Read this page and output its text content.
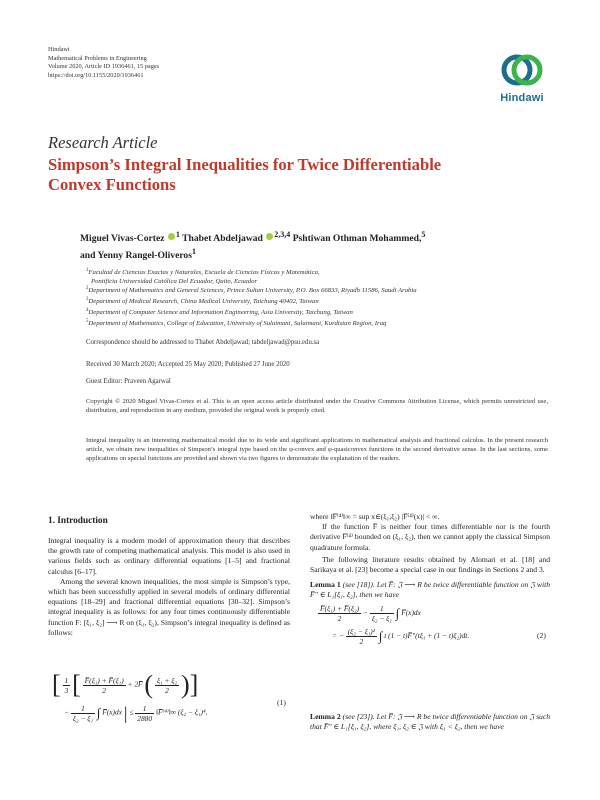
Hindawi
Mathematical Problems in Engineering
Volume 2020, Article ID 1936461, 15 pages
https://doi.org/10.1155/2020/1936461
Hindawi
Research Article
Simpson’s Integral Inequalities for Twice Differentiable
Convex Functions
Miguel Vivas-Cortez $^1$ Thabet Abdeljawad $^{2,3,4}$ Pshtiwan Othman Mohammed,$^5$
and Yenny Rangel-Oliveros$^1$
$^1$Facultad de Ciencias Exactas y Naturales, Escuela de Ciencias Físicas y Matemática,
Pontificia Universidad Católica Del Ecuador, Quito, Ecuador
$^2$Department of Mathematics and General Sciences, Prince Sultan University, P.O. Box 66833, Riyadh 11586, Saudi Arabia
$^3$Department of Medical Research, China Medical University, Taichung 40402, Taiwan
$^4$Department of Computer Science and Information Engineering, Asia University, Taichung, Taiwan
$^5$Department of Mathematics, College of Education, University of Sulaimani, Sulaimani, Kurdistan Region, Iraq
Correspondence should be addressed to Thabet Abdeljawad; tabdeljawad@psu.edu.sa
Received 30 March 2020; Accepted 25 May 2020; Published 27 June 2020
Guest Editor: Praveen Agarwal
Copyright © 2020 Miguel Vivas-Cortez et al. This is an open access article distributed under the Creative Commons Attribution License, which permits unrestricted use, distribution, and reproduction in any medium, provided the original work is properly cited.
Integral inequality is an interesting mathematical model due to its wide and significant applications in mathematical analysis and fractional calculus. In the present research article, we obtain new inequalities of Simpson’s integral type based on the φ-convex and φ-quasiconvex functions in the second derivative sense. In the last sections, some applications on special functions are provided and shown via two figures to demonstrate the explanation of the readers.
1. Introduction

Integral inequality is a modern model of approximation theory that describes the growth rate of competing mathematical analysis. This model is also used in various fields such as ordinary differential equations [1–5] and fractional calculus [6–17].

Among the several known inequalities, the most simple is Simpson’s type, which has been successfully applied in several models of ordinary differential equations [18–29] and fractional differential equations [30–32]. Simpson’s integral inequality is as follows: for any four times continuously differentiable function F: [ξ₁, ξ₂] ⟶ R on (ξ₁, ξ₂), Simpson’s integral inequality is defined as follows:

[ $\frac{1}{3}$ [ $\frac{\text{F̅(ξ₁) + F̅(ξ₁)}}{2}$ + 2F̅ ( $\frac{\text{ξ₁ + ξ₂}}{2}$ )]
− $\frac{1}{\text{ξ₂ − ξ₁}}$ ∫ F̅(x)dx | ≤ $\frac{1}{2880}$ ‖F̅⁽⁴⁾‖∞ (ξ₂ − ξ₁)⁴,
(1)

where ‖F̅⁽⁴⁾‖∞ = sup x∈(ξ₁,ξ₂) |F̅⁽⁴⁾(x)| < ∞.

If the function F̅ is neither four times differentiable nor is the fourth derivative F̅⁽⁴⁾ bounded on (ξ₁, ξ₂), then we cannot apply the classical Simpson quadrature formula.

The following literature results obtained by Alomari et al. [18] and Sarikaya et al. [23] become a special case in our findings in Sections 2 and 3.

Lemma 1 (see [18]). Let F̅: 𝔍 ⟶ R be twice differentiable function on 𝔍 with F̅″ ∈ L₁[ξ₁, ξ₂], then we have

$\frac{\text{F̅(ξ₁) + F̅(ξ₂)}}{2} - \frac{1}{\text{ξ₂ − ξ₁}}$ ∫ F̅(x)dx
= − $\frac{\text{(ξ₂ − ξ₁)²}}{2}$ ∫ t (1 − t)F̅″(tξ₁ + (1 − t)ξ₂)dt.	(2)

Lemma 2 (see [23]). Let F̅: 𝔍 ⟶ R be twice differentiable function on 𝔍 such that F̅″ ∈ L₁[ξ₁, ξ₂], where ξ₁, ξ₂ ∈ 𝔍 with ξ₁ < ξ₂, then we have
